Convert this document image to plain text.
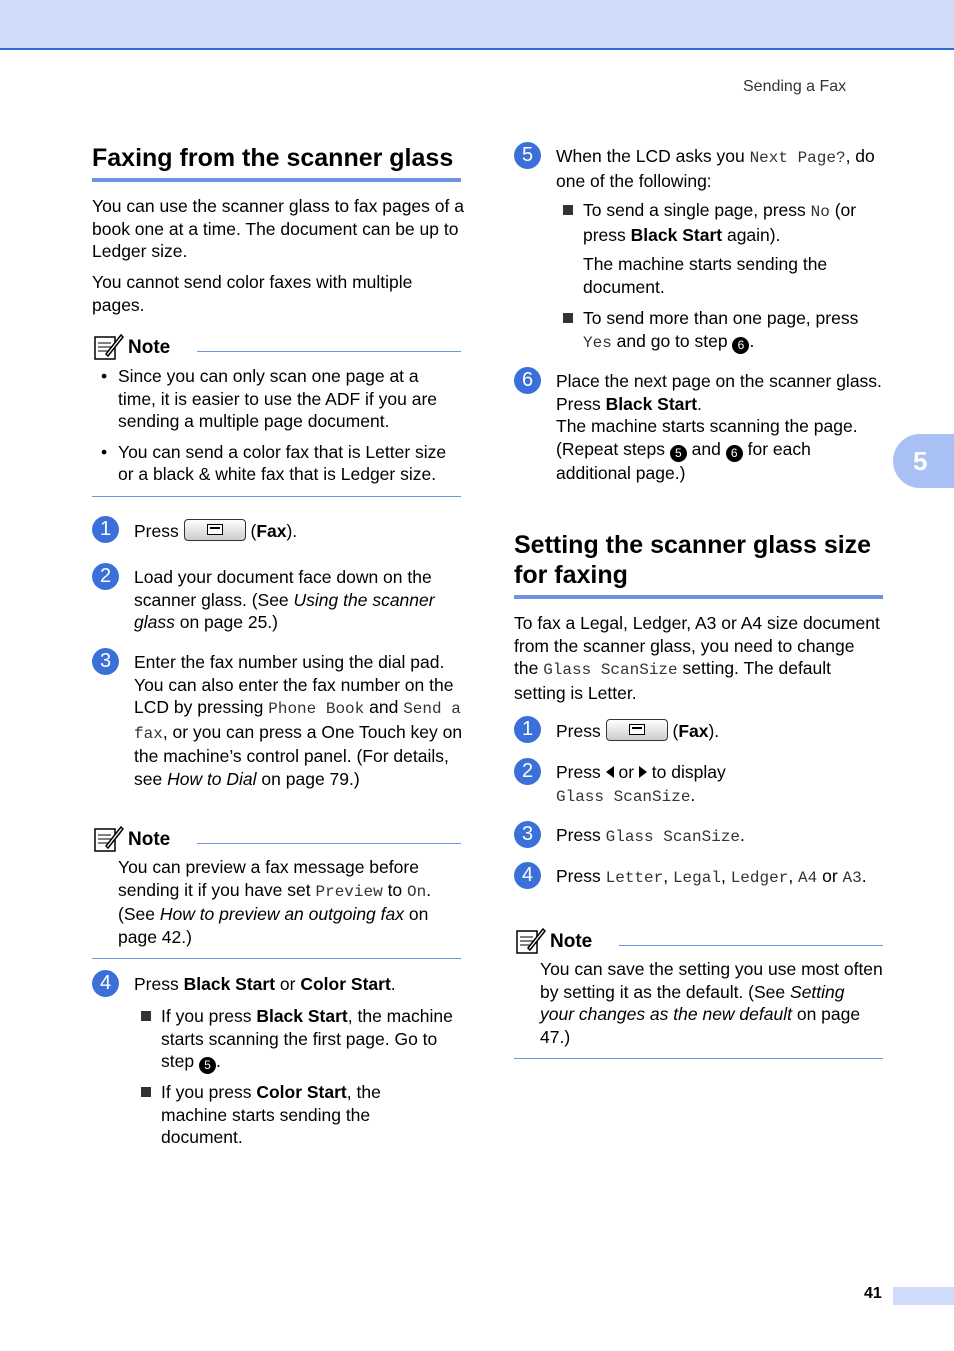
Sending a Fax
5
41
Faxing from the scanner glass

You can use the scanner glass to fax pages of a book one at a time. The document can be up to Ledger size.

You cannot send color faxes with multiple pages.

Note
• Since you can only scan one page at a time, it is easier to use the ADF if you are sending a multiple page document.
• You can send a color fax that is Letter size or a black & white fax that is Ledger size.
1	Press	(Fax).
2	Load your document face down on the scanner glass. (See Using the scanner glass on page 25.)
3	Enter the fax number using the dial pad. You can also enter the fax number on the LCD by pressing Phone Book and Send a fax, or you can press a One Touch key on the machine’s control panel. (For details, see How to Dial on page 79.)
Note

You can preview a fax message before sending it if you have set Preview to On. (See How to preview an outgoing fax on page 42.)

4	Press Black Start or Color Start.
If you press Black Start, the machine starts scanning the first page. Go to step 5 .
If you press Color Start, the machine starts sending the document.
5	When the LCD asks you Next Page?, do one of the following:
To send a single page, press No (or press Black Start again).

The machine starts sending the document.

To send more than one page, press Yes and go to step 6 .
6	Place the next page on the scanner glass.
Press Black Start.
The machine starts scanning the page.
(Repeat steps 5 and 6 for each additional page.)
Setting the scanner glass size for faxing

To fax a Legal, Ledger, A3 or A4 size document from the scanner glass, you need to change the Glass ScanSize setting. The default setting is Letter.

1	Press	(Fax).
2	Press or to display
Glass ScanSize.
3	Press Glass ScanSize.
4	Press Letter, Legal, Ledger, A4 or A3.
Note

You can save the setting you use most often by setting it as the default. (See Setting your changes as the new default on page 47.)
